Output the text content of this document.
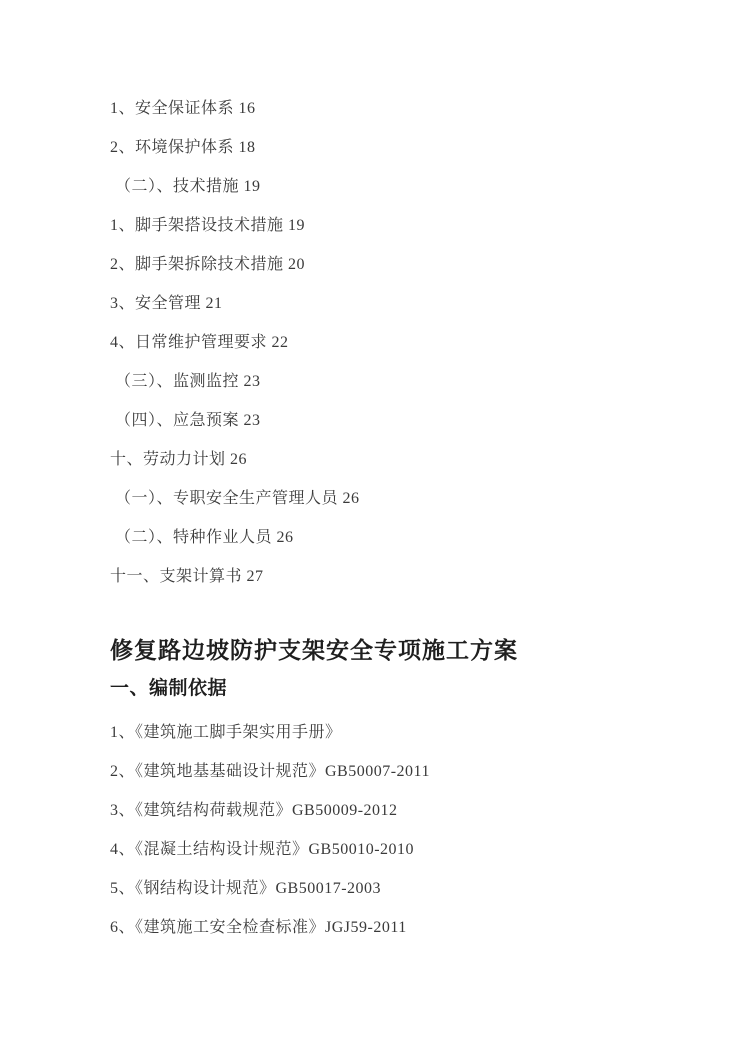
1、安全保证体系 16
2、环境保护体系 18
（二）、技术措施 19
1、脚手架搭设技术措施 19
2、脚手架拆除技术措施 20
3、安全管理 21
4、日常维护管理要求 22
（三）、监测监控 23
（四）、应急预案 23
十、劳动力计划 26
（一）、专职安全生产管理人员 26
（二）、特种作业人员 26
十一、支架计算书 27
修复路边坡防护支架安全专项施工方案
一、编制依据
1、《建筑施工脚手架实用手册》
2、《建筑地基基础设计规范》GB50007-2011
3、《建筑结构荷载规范》GB50009-2012
4、《混凝土结构设计规范》GB50010-2010
5、《钢结构设计规范》GB50017-2003
6、《建筑施工安全检查标准》JGJ59-2011
